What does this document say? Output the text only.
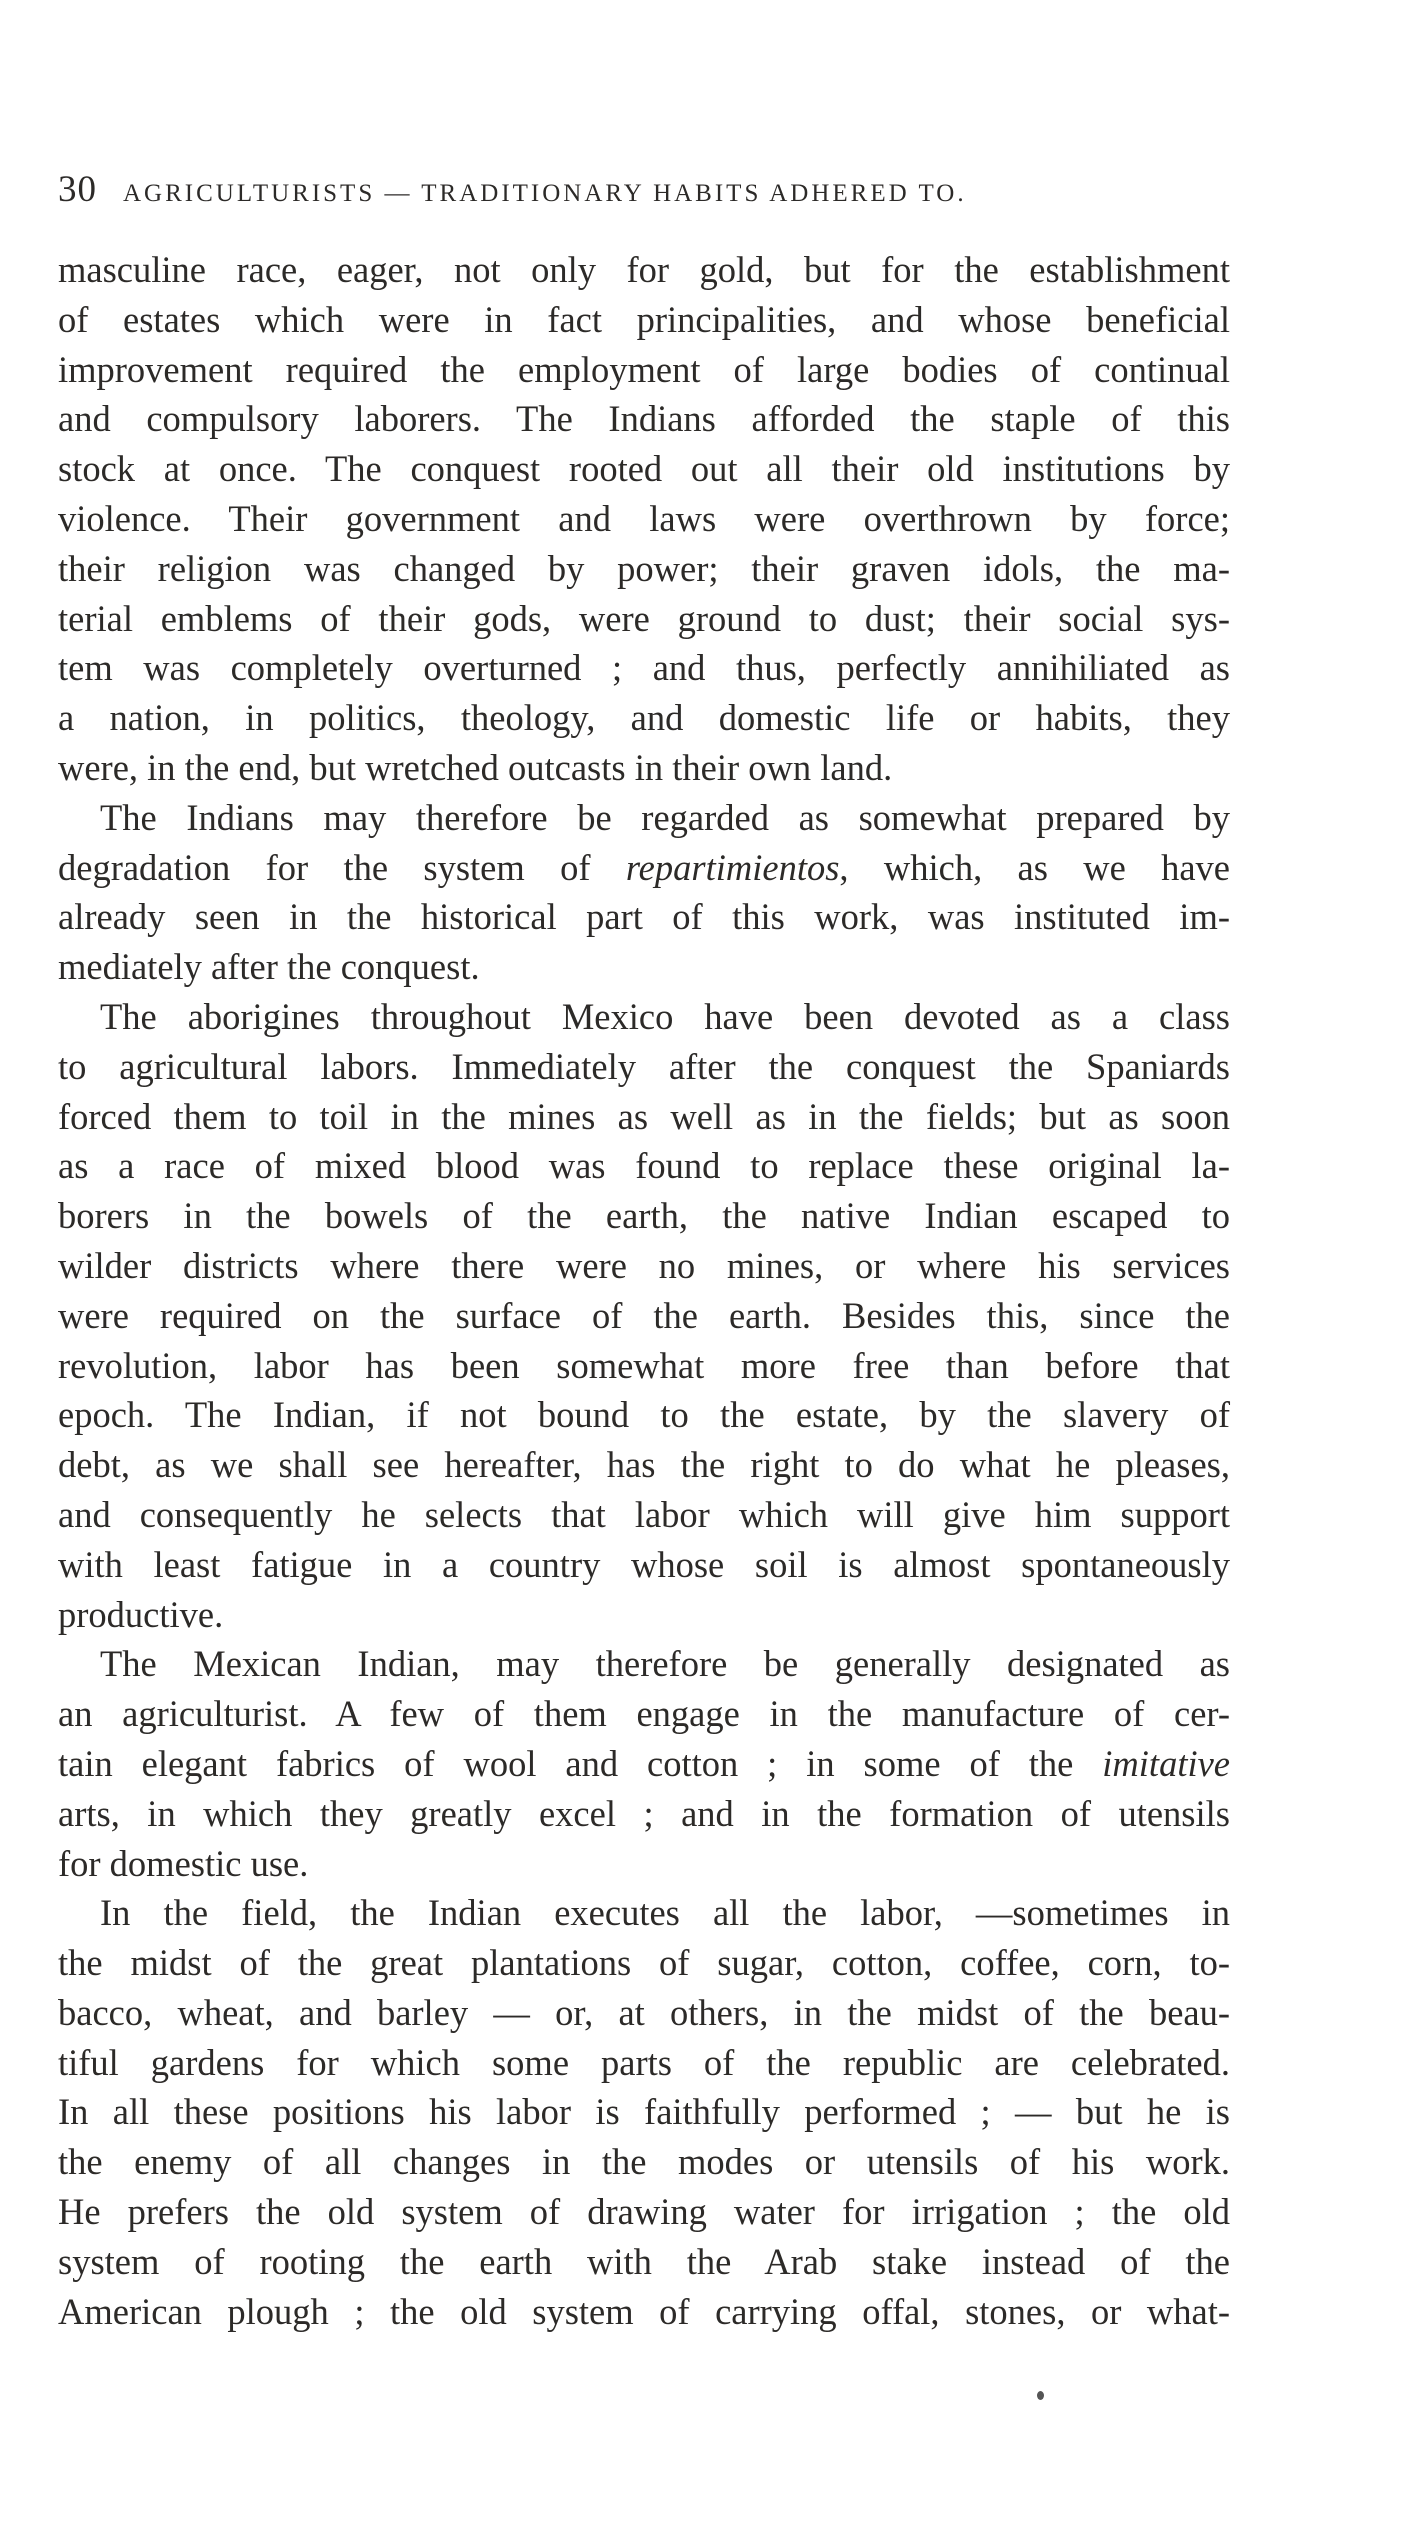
30 AGRICULTURISTS — TRADITIONARY HABITS ADHERED TO.
masculine race, eager, not only for gold, but for the establishment
of estates which were in fact principalities, and whose beneficial
improvement required the employment of large bodies of continual
and compulsory laborers. The Indians afforded the staple of this
stock at once. The conquest rooted out all their old institutions by
violence. Their government and laws were overthrown by force;
their religion was changed by power; their graven idols, the ma-
terial emblems of their gods, were ground to dust; their social sys-
tem was completely overturned ; and thus, perfectly annihiliated as
a nation, in politics, theology, and domestic life or habits, they
were, in the end, but wretched outcasts in their own land.
The Indians may therefore be regarded as somewhat prepared by
degradation for the system of repartimientos, which, as we have
already seen in the historical part of this work, was instituted im-
mediately after the conquest.
The aborigines throughout Mexico have been devoted as a class
to agricultural labors. Immediately after the conquest the Spaniards
forced them to toil in the mines as well as in the fields; but as soon
as a race of mixed blood was found to replace these original la-
borers in the bowels of the earth, the native Indian escaped to
wilder districts where there were no mines, or where his services
were required on the surface of the earth. Besides this, since the
revolution, labor has been somewhat more free than before that
epoch. The Indian, if not bound to the estate, by the slavery of
debt, as we shall see hereafter, has the right to do what he pleases,
and consequently he selects that labor which will give him support
with least fatigue in a country whose soil is almost spontaneously
productive.
The Mexican Indian, may therefore be generally designated as
an agriculturist. A few of them engage in the manufacture of cer-
tain elegant fabrics of wool and cotton ; in some of the imitative
arts, in which they greatly excel ; and in the formation of utensils
for domestic use.
In the field, the Indian executes all the labor, —sometimes in
the midst of the great plantations of sugar, cotton, coffee, corn, to-
bacco, wheat, and barley — or, at others, in the midst of the beau-
tiful gardens for which some parts of the republic are celebrated.
In all these positions his labor is faithfully performed ; — but he is
the enemy of all changes in the modes or utensils of his work.
He prefers the old system of drawing water for irrigation ; the old
system of rooting the earth with the Arab stake instead of the
American plough ; the old system of carrying offal, stones, or what-
